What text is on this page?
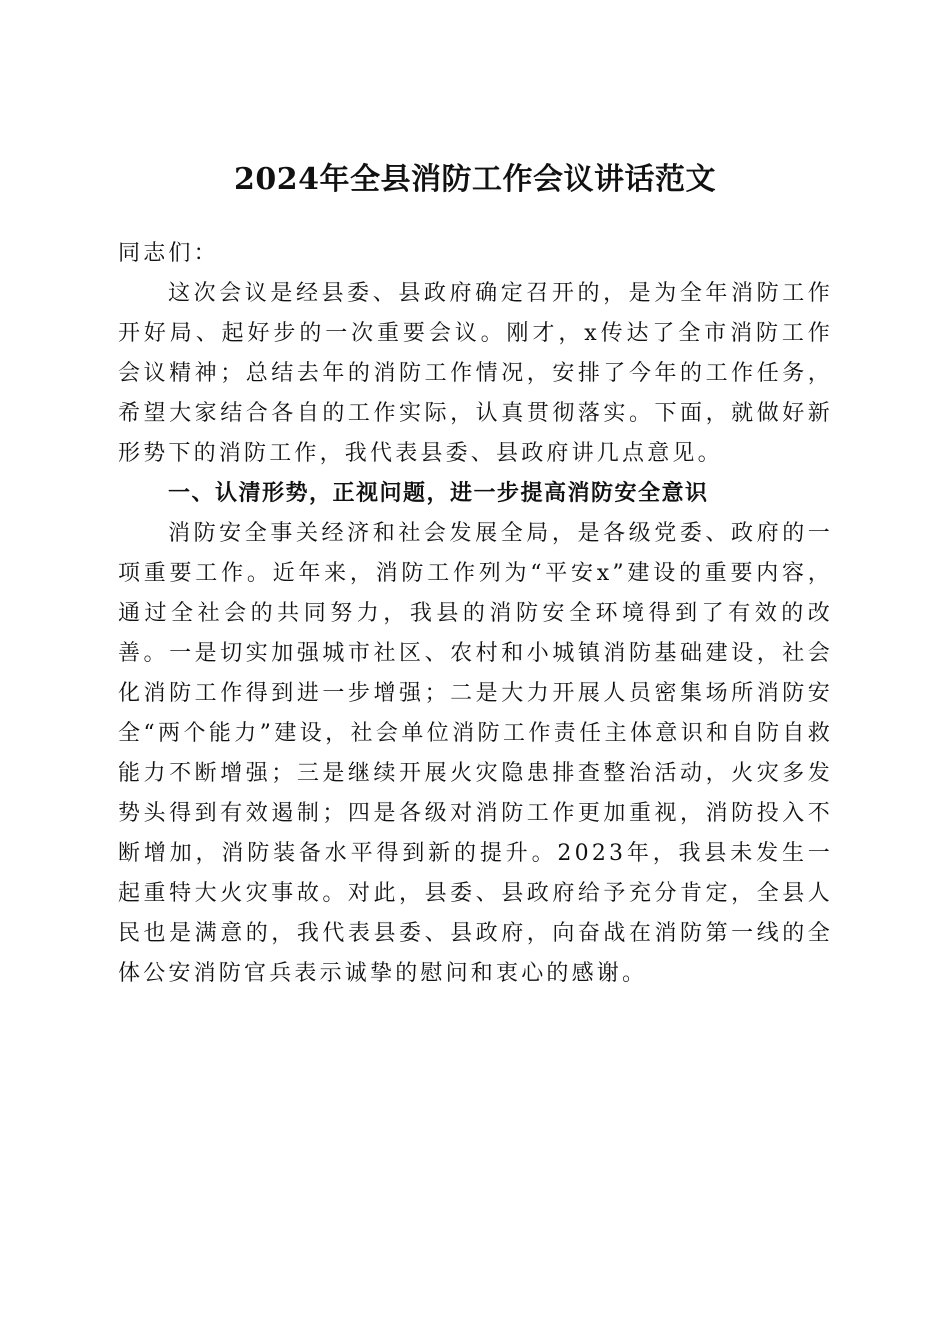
2024年全县消防工作会议讲话范文

同志们：

这次会议是经县委、县政府确定召开的，是为全年消防工作开好局、起好步的一次重要会议。刚才，x传达了全市消防工作会议精神；总结去年的消防工作情况，安排了今年的工作任务，希望大家结合各自的工作实际，认真贯彻落实。下面，就做好新形势下的消防工作，我代表县委、县政府讲几点意见。

一、认清形势，正视问题，进一步提高消防安全意识

消防安全事关经济和社会发展全局，是各级党委、政府的一项重要工作。近年来，消防工作列为“平安x”建设的重要内容，通过全社会的共同努力，我县的消防安全环境得到了有效的改善。一是切实加强城市社区、农村和小城镇消防基础建设，社会化消防工作得到进一步增强；二是大力开展人员密集场所消防安全“两个能力”建设，社会单位消防工作责任主体意识和自防自救能力不断增强；三是继续开展火灾隐患排查整治活动，火灾多发势头得到有效遏制；四是各级对消防工作更加重视，消防投入不断增加，消防装备水平得到新的提升。2023年，我县未发生一起重特大火灾事故。对此，县委、县政府给予充分肯定，全县人民也是满意的，我代表县委、县政府，向奋战在消防第一线的全体公安消防官兵表示诚挚的慰问和衷心的感谢。
